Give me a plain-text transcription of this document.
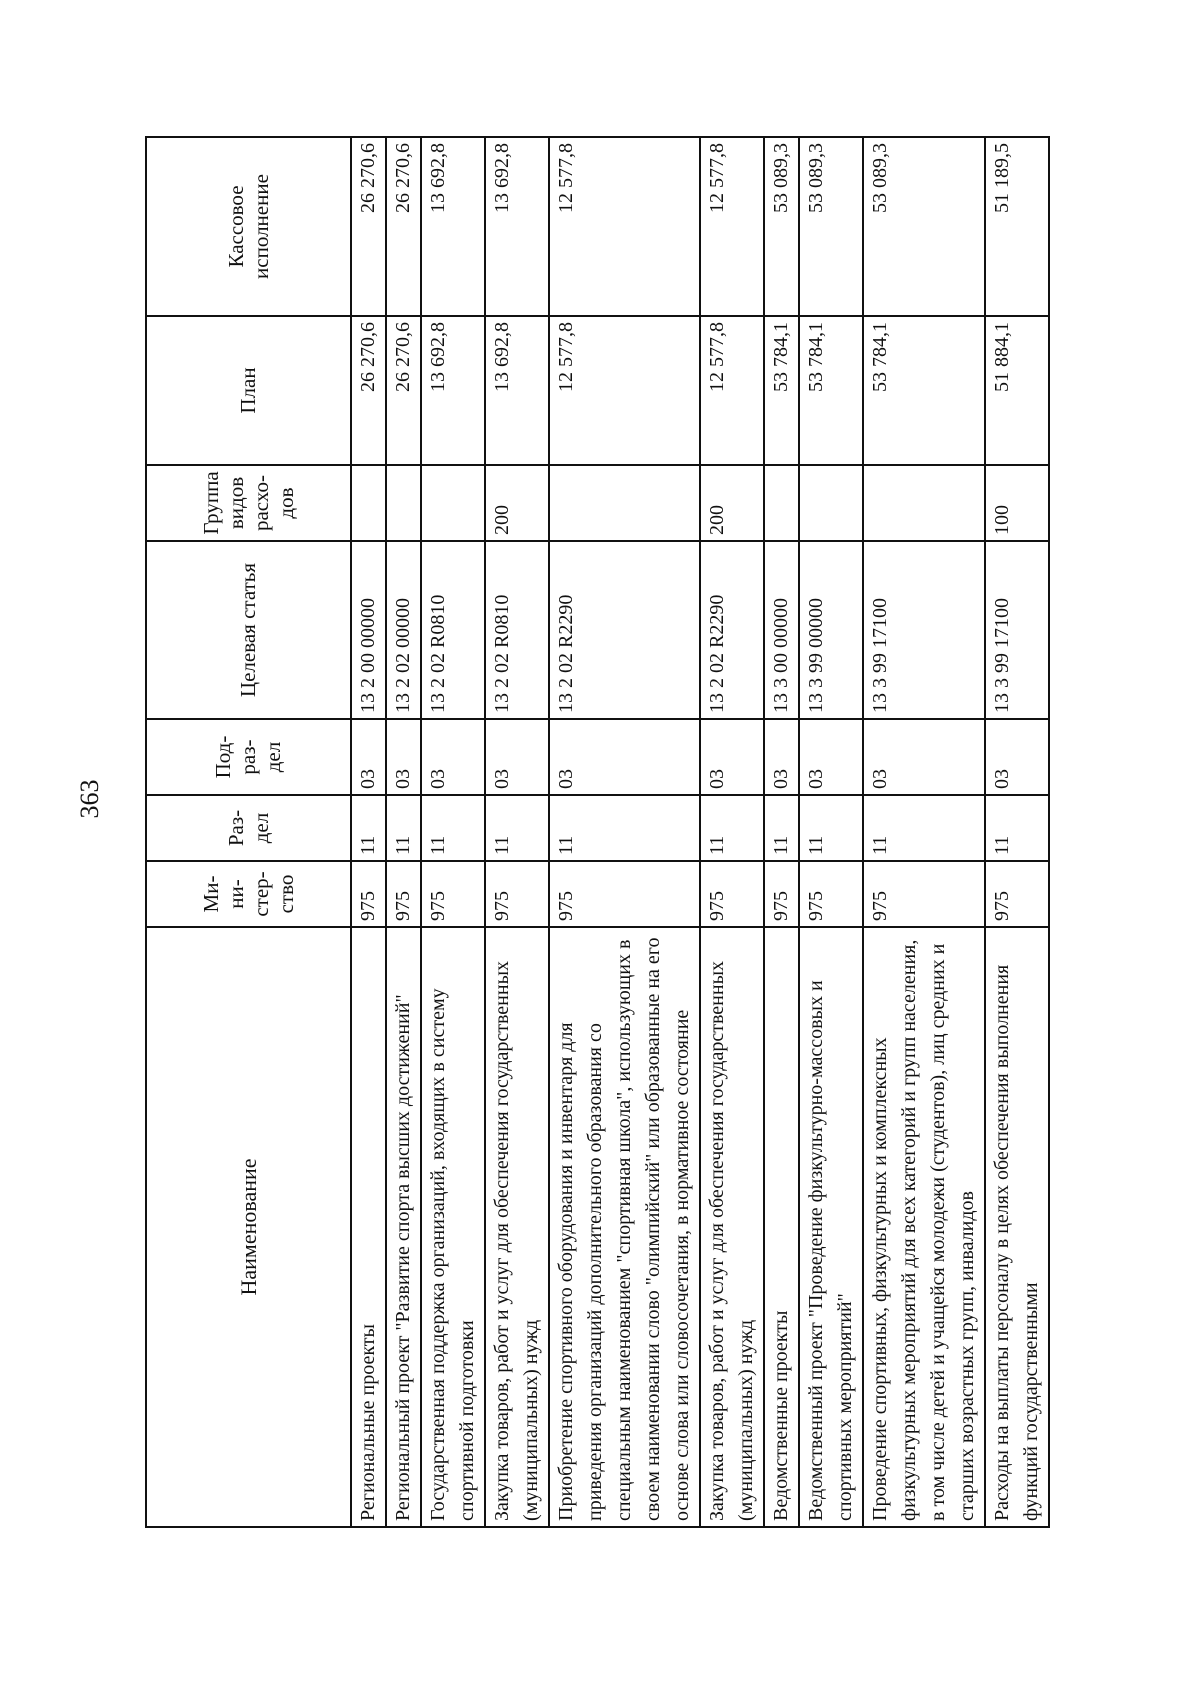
363
Наименование	Ми-ни-стер-ство	Раз-дел	Под-раз-дел	Целевая статья	Группа видов расхо-дов	План	Кассовое исполнение
Региональные проекты	975	11	03	13 2 00 00000		26 270,6	26 270,6
Региональный проект "Развитие спорта высших достижений"	975	11	03	13 2 02 00000		26 270,6	26 270,6
Государственная поддержка организаций, входящих в систему спортивной подготовки	975	11	03	13 2 02 R0810		13 692,8	13 692,8
Закупка товаров, работ и услуг для обеспечения государственных (муниципальных) нужд	975	11	03	13 2 02 R0810	200	13 692,8	13 692,8
Приобретение спортивного оборудования и инвентаря для приведения организаций дополнительного образования со специальным наименованием "спортивная школа", использующих в своем наименовании слово "олимпийский" или образованные на его основе слова или словосочетания, в нормативное состояние	975	11	03	13 2 02 R2290		12 577,8	12 577,8
Закупка товаров, работ и услуг для обеспечения государственных (муниципальных) нужд	975	11	03	13 2 02 R2290	200	12 577,8	12 577,8
Ведомственные проекты	975	11	03	13 3 00 00000		53 784,1	53 089,3
Ведомственный проект "Проведение физкультурно-массовых и спортивных мероприятий"	975	11	03	13 3 99 00000		53 784,1	53 089,3
Проведение спортивных, физкультурных и комплексных физкультурных мероприятий для всех категорий и групп населения, в том числе детей и учащейся молодежи (студентов), лиц средних и старших возрастных групп, инвалидов	975	11	03	13 3 99 17100		53 784,1	53 089,3
Расходы на выплаты персоналу в целях обеспечения выполнения функций государственными	975	11	03	13 3 99 17100	100	51 884,1	51 189,5
